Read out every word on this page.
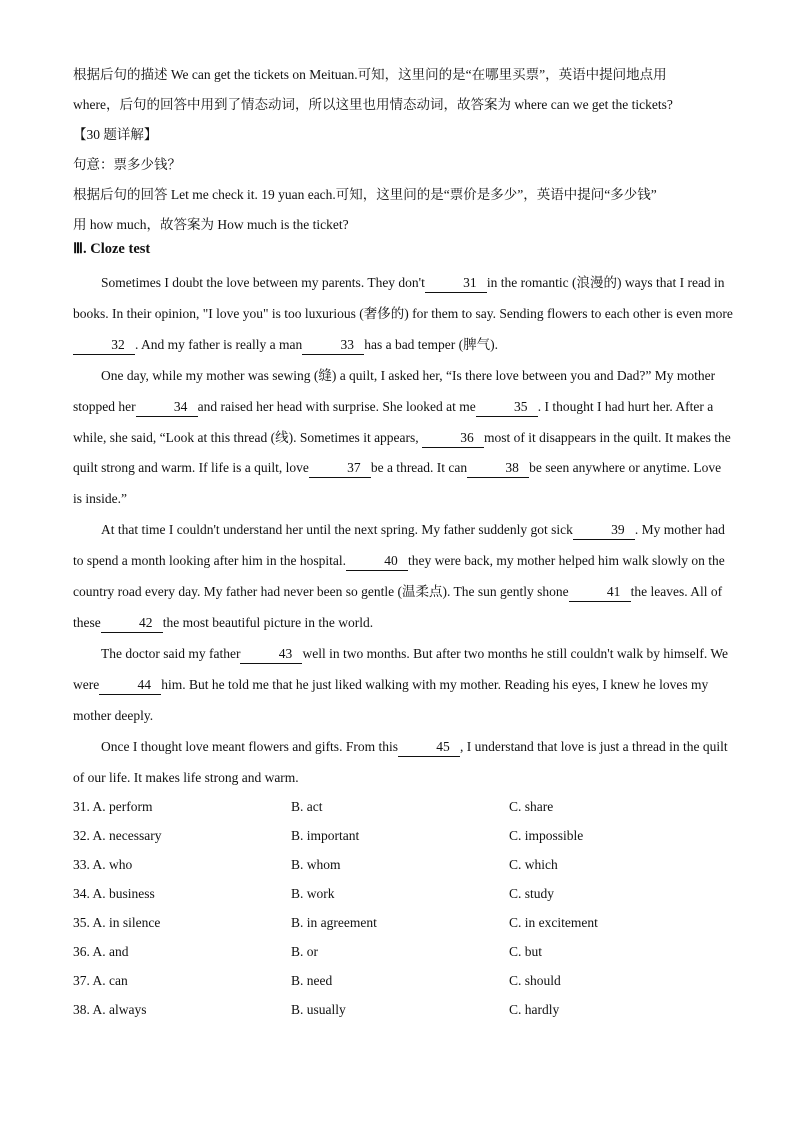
根据后句的描述 We can get the tickets on Meituan.可知，这里问的是“在哪里买票”，英语中提问地点用

where，后句的回答中用到了情态动词，所以这里也用情态动词，故答案为 where can we get the tickets?

【30 题详解】

句意：票多少钱？

根据后句的回答 Let me check it. 19 yuan each.可知，这里问的是“票价是多少”，英语中提问“多少钱”

用 how much，故答案为 How much is the ticket?

Ⅲ. Cloze test

Sometimes I doubt the love between my parents. They don't	31 in the romantic (浪漫的) ways that I read in books. In their opinion, "I love you" is too luxurious (奢侈的) for them to say. Sending flowers to each other is even more32 . And my father is really a man	33 has a bad temper (脾气).

One day, while my mother was sewing (缝) a quilt, I asked her, “Is there love between you and Dad?” My mother stopped her	34 and raised her head with surprise. She looked at me	35 . I thought I had hurt her. After a while, she said, “Look at this thread (线). Sometimes it appears,	36 most of it disappears in the quilt. It makes the quilt strong and warm. If life is a quilt, love	37 be a thread. It can	38 be seen anywhere or anytime. Love is inside.”

At that time I couldn't understand her until the next spring. My father suddenly got sick	39 . My mother had to spend a month looking after him in the hospital.	40 they were back, my mother helped him walk slowly on the country road every day. My father had never been so gentle (温柔点). The sun gently shone	41 the leaves. All of these	42 the most beautiful picture in the world.

The doctor said my father	43 well in two months. But after two months he still couldn't walk by himself. We were	44 him. But he told me that he just liked walking with my mother. Reading his eyes, I knew he loves my mother deeply.

Once I thought love meant flowers and gifts. From this	45 , I understand that love is just a thread in the quilt of our life. It makes life strong and warm.

31. A. perform	B. act	C. share
32. A. necessary	B. important	C. impossible
33. A. who	B. whom	C. which
34. A. business	B. work	C. study
35. A. in silence	B. in agreement	C. in excitement
36. A. and	B. or	C. but
37. A. can	B. need	C. should
38. A. always	B. usually	C. hardly
